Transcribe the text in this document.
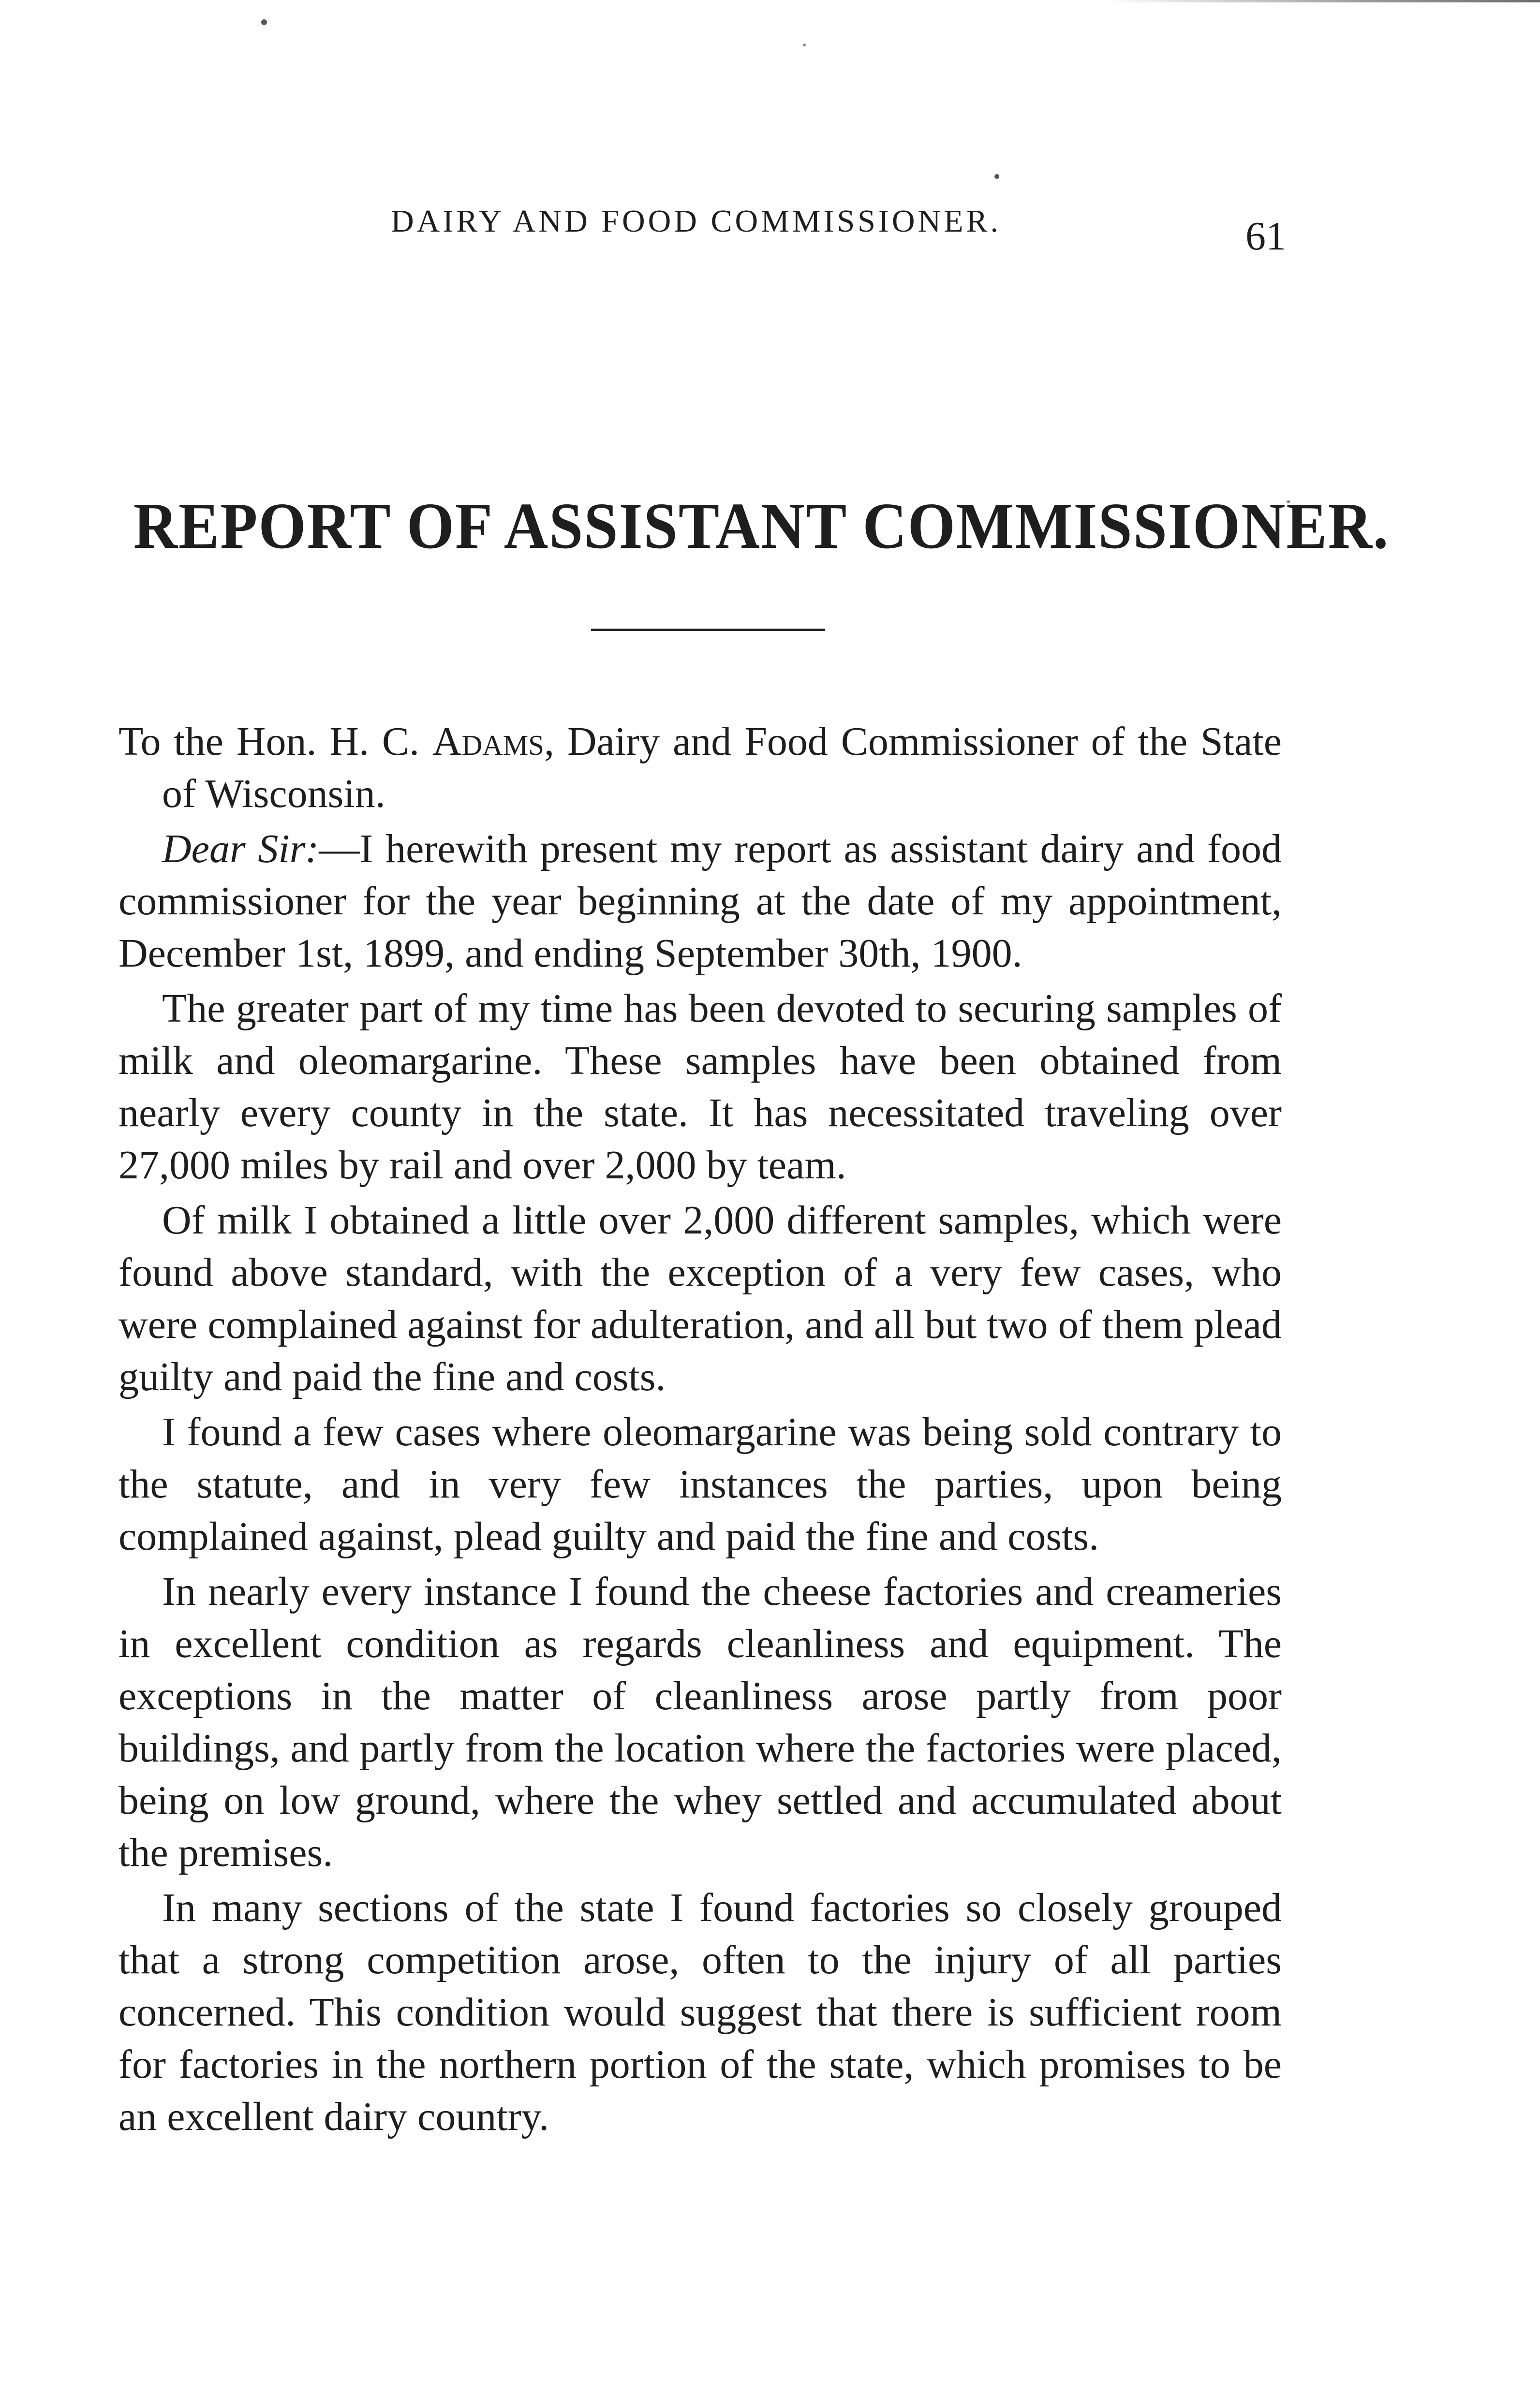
DAIRY AND FOOD COMMISSIONER.	61
REPORT OF ASSISTANT COMMISSIONER.

To the Hon. H. C. Adams, Dairy and Food Commissioner of the State of Wisconsin.

Dear Sir:—I herewith present my report as assistant dairy and food commissioner for the year beginning at the date of my appointment, December 1st, 1899, and ending September 30th, 1900.

The greater part of my time has been devoted to securing samples of milk and oleomargarine. These samples have been obtained from nearly every county in the state. It has necessitated traveling over 27,000 miles by rail and over 2,000 by team.

Of milk I obtained a little over 2,000 different samples, which were found above standard, with the exception of a very few cases, who were complained against for adulteration, and all but two of them plead guilty and paid the fine and costs.

I found a few cases where oleomargarine was being sold contrary to the statute, and in very few instances the parties, upon being complained against, plead guilty and paid the fine and costs.

In nearly every instance I found the cheese factories and creameries in excellent condition as regards cleanliness and equipment. The exceptions in the matter of cleanliness arose partly from poor buildings, and partly from the location where the factories were placed, being on low ground, where the whey settled and accumulated about the premises.

In many sections of the state I found factories so closely grouped that a strong competition arose, often to the injury of all parties concerned. This condition would suggest that there is sufficient room for factories in the northern portion of the state, which promises to be an excellent dairy country.
